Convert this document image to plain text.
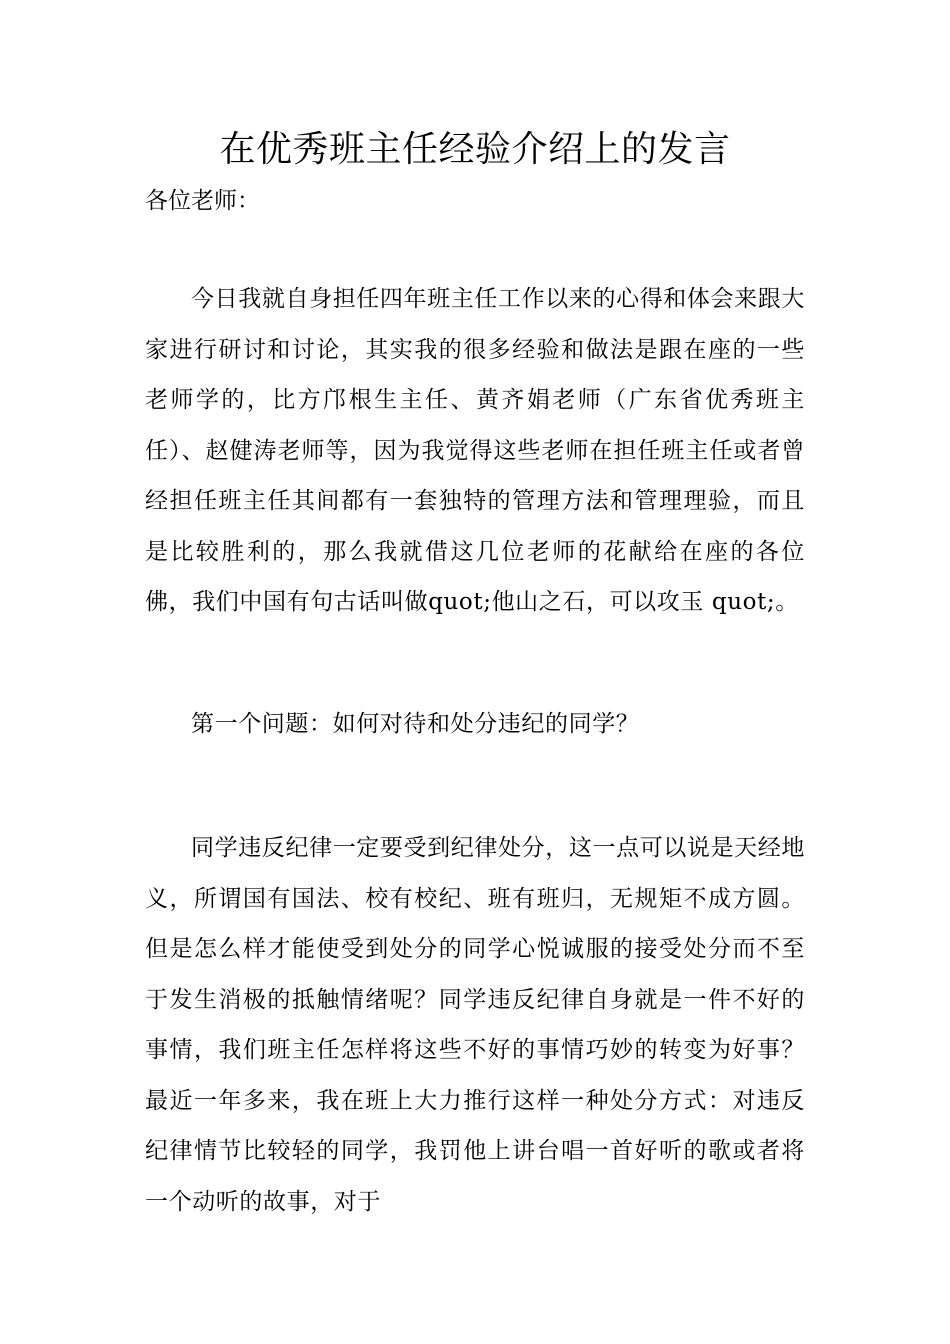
在优秀班主任经验介绍上的发言
各位老师：

今日我就自身担任四年班主任工作以来的心得和体会来跟大家进行研讨和讨论，其实我的很多经验和做法是跟在座的一些老师学的，比方邝根生主任、黄齐娟老师（广东省优秀班主任）、赵健涛老师等，因为我觉得这些老师在担任班主任或者曾经担任班主任其间都有一套独特的管理方法和管理理验，而且是比较胜利的，那么我就借这几位老师的花献给在座的各位佛，我们中国有句古话叫做quot;他山之石，可以攻玉 quot;。

第一个问题：如何对待和处分违纪的同学？

同学违反纪律一定要受到纪律处分，这一点可以说是天经地义，所谓国有国法、校有校纪、班有班归，无规矩不成方圆。但是怎么样才能使受到处分的同学心悦诚服的接受处分而不至于发生消极的抵触情绪呢？同学违反纪律自身就是一件不好的事情，我们班主任怎样将这些不好的事情巧妙的转变为好事？最近一年多来，我在班上大力推行这样一种处分方式：对违反纪律情节比较轻的同学，我罚他上讲台唱一首好听的歌或者将一个动听的故事，对于
